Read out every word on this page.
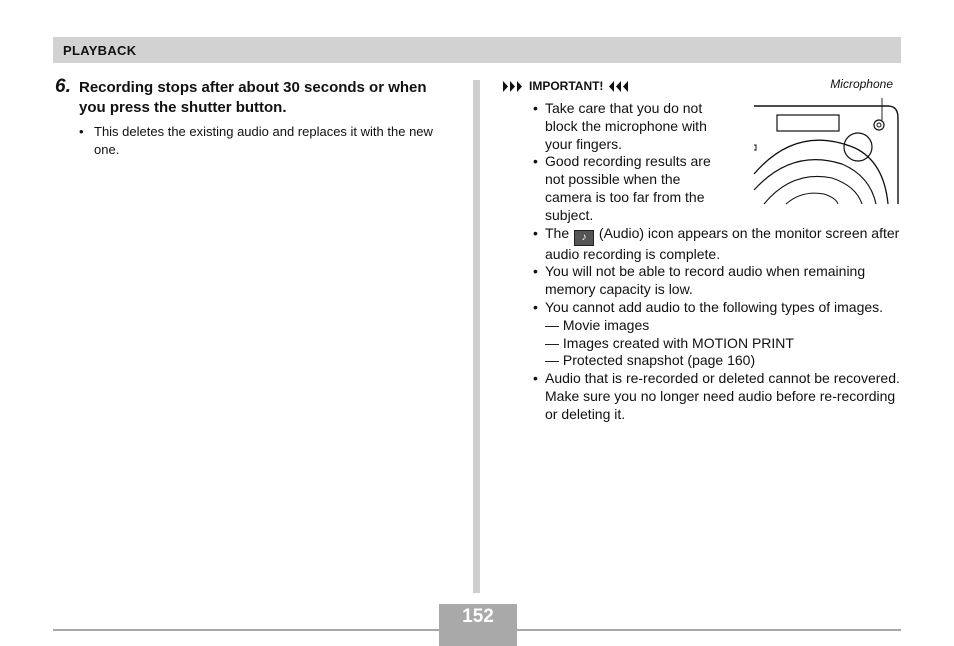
PLAYBACK
6. Recording stops after about 30 seconds or when you press the shutter button.
• This deletes the existing audio and replaces it with the new one.
IMPORTANT!	Microphone
• Take care that you do not block the microphone with your fingers.
• Good recording results are not possible when the camera is too far from the subject.
• The ♪ (Audio) icon appears on the monitor screen after audio recording is complete.
• You will not be able to record audio when remaining memory capacity is low.
• You cannot add audio to the following types of images.
— Movie images
— Images created with MOTION PRINT
— Protected snapshot (page 160)
• Audio that is re-recorded or deleted cannot be recovered. Make sure you no longer need audio before re-recording or deleting it.
152
